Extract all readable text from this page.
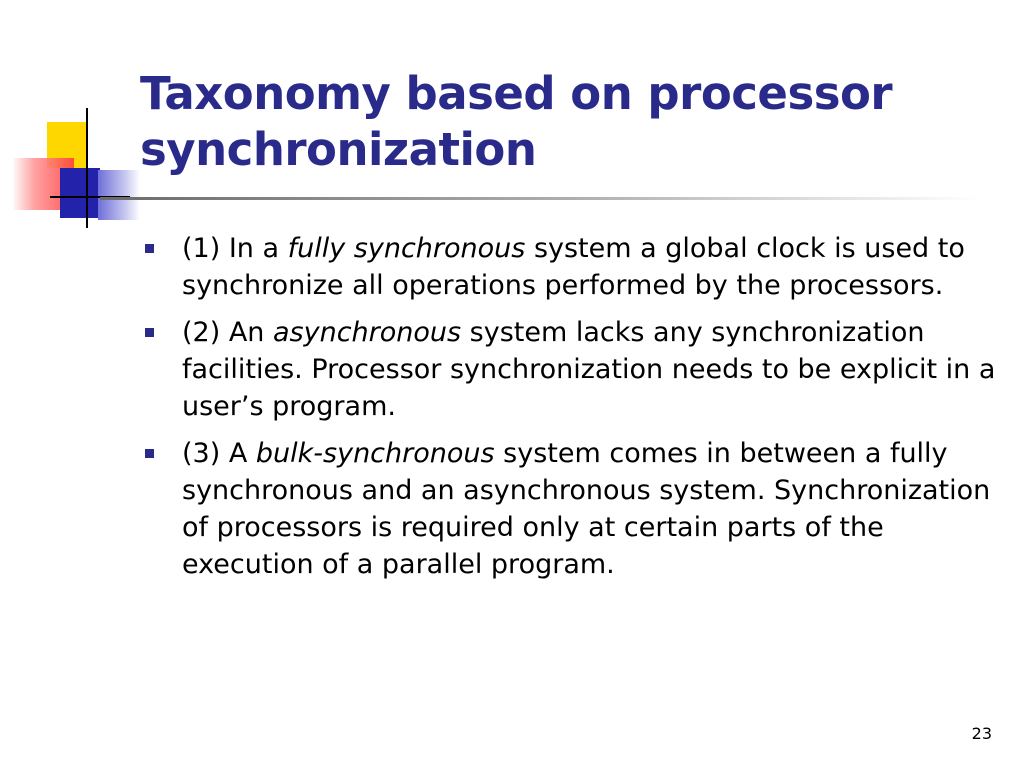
Taxonomy based on processor synchronization
(1) In a fully synchronous system a global clock is used to synchronize all operations performed by the processors.
(2) An asynchronous system lacks any synchronization facilities. Processor synchronization needs to be explicit in a user’s program.
(3) A bulk-synchronous system comes in between a fully synchronous and an asynchronous system. Synchronization of processors is required only at certain parts of the execution of a parallel program.
23
